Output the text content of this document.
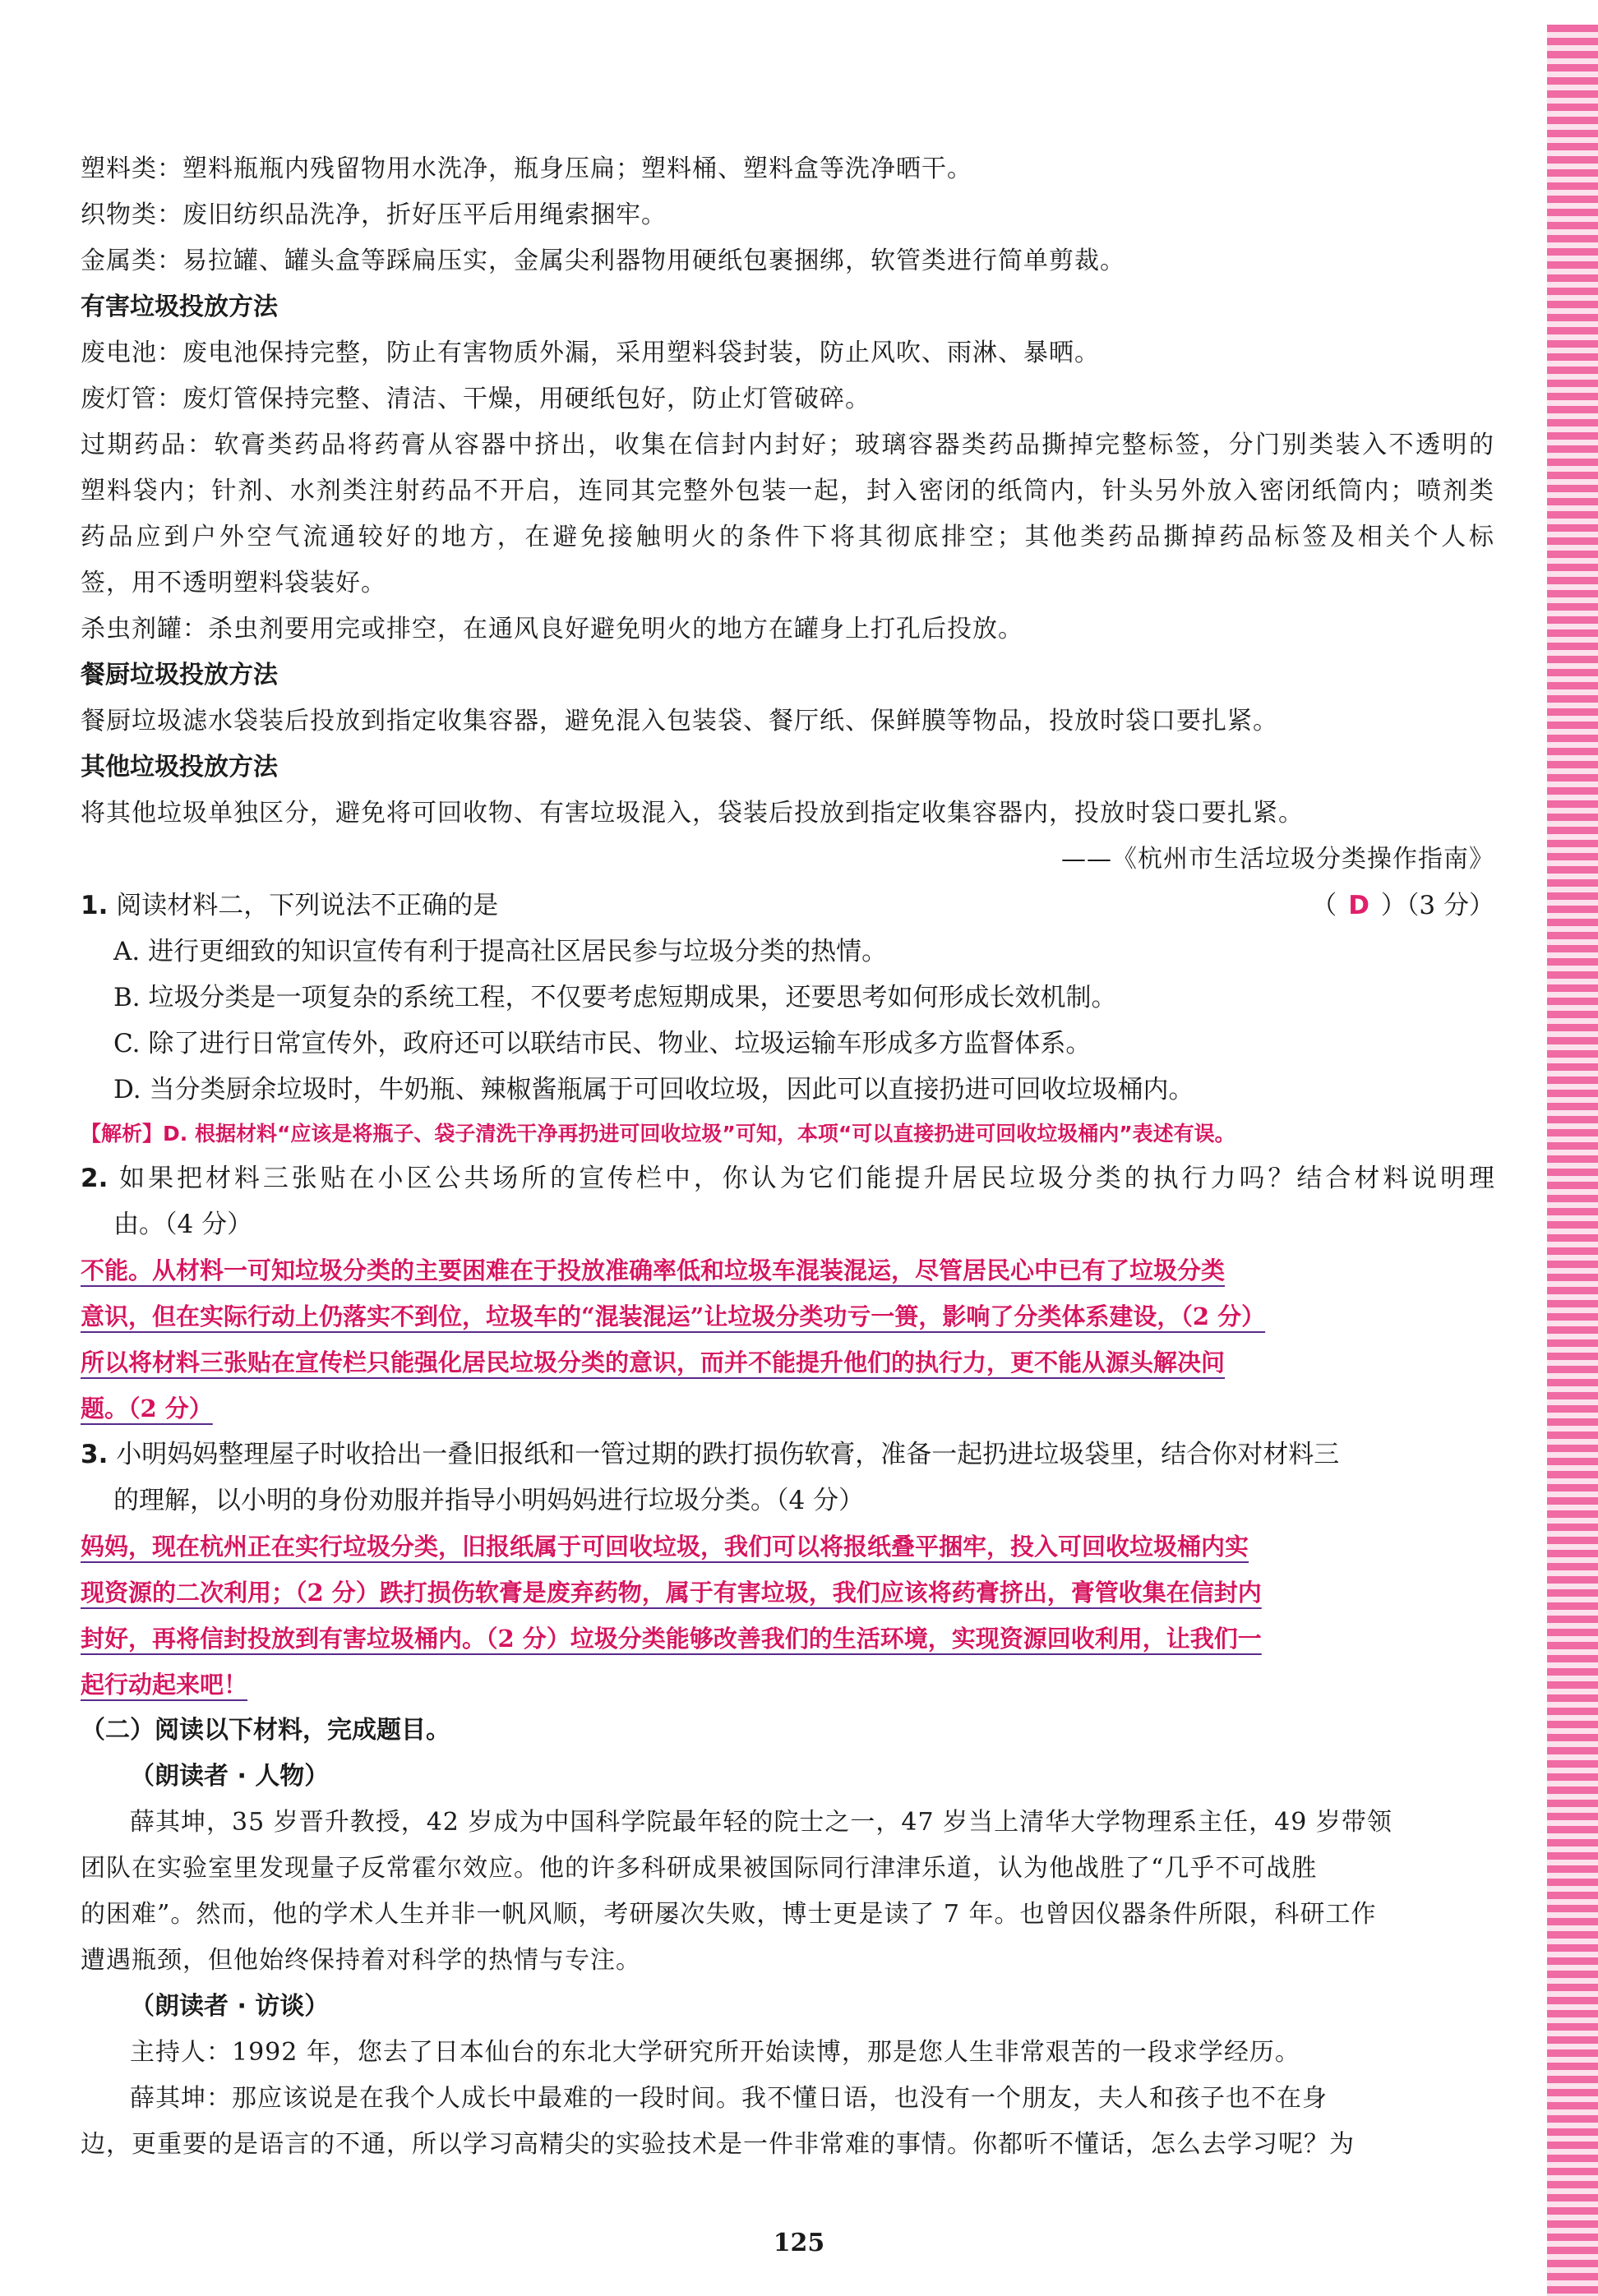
塑料类：塑料瓶瓶内残留物用水洗净，瓶身压扁；塑料桶、塑料盒等洗净晒干。
织物类：废旧纺织品洗净，折好压平后用绳索捆牢。
金属类：易拉罐、罐头盒等踩扁压实，金属尖利器物用硬纸包裹捆绑，软管类进行简单剪裁。
有害垃圾投放方法
废电池：废电池保持完整，防止有害物质外漏，采用塑料袋封装，防止风吹、雨淋、暴晒。
废灯管：废灯管保持完整、清洁、干燥，用硬纸包好，防止灯管破碎。
过期药品：软膏类药品将药膏从容器中挤出，收集在信封内封好；玻璃容器类药品撕掉完整标签，分门别类装入不透明的
塑料袋内；针剂、水剂类注射药品不开启，连同其完整外包装一起，封入密闭的纸筒内，针头另外放入密闭纸筒内；喷剂类
药品应到户外空气流通较好的地方，在避免接触明火的条件下将其彻底排空；其他类药品撕掉药品标签及相关个人标
签，用不透明塑料袋装好。
杀虫剂罐：杀虫剂要用完或排空，在通风良好避免明火的地方在罐身上打孔后投放。
餐厨垃圾投放方法
餐厨垃圾滤水袋装后投放到指定收集容器，避免混入包装袋、餐厅纸、保鲜膜等物品，投放时袋口要扎紧。
其他垃圾投放方法
将其他垃圾单独区分，避免将可回收物、有害垃圾混入，袋装后投放到指定收集容器内，投放时袋口要扎紧。
——《杭州市生活垃圾分类操作指南》
1. 阅读材料二，下列说法不正确的是	（ D ）（3 分）
A. 进行更细致的知识宣传有利于提高社区居民参与垃圾分类的热情。
B. 垃圾分类是一项复杂的系统工程，不仅要考虑短期成果，还要思考如何形成长效机制。
C. 除了进行日常宣传外，政府还可以联结市民、物业、垃圾运输车形成多方监督体系。
D. 当分类厨余垃圾时，牛奶瓶、辣椒酱瓶属于可回收垃圾，因此可以直接扔进可回收垃圾桶内。
【解析】D. 根据材料“应该是将瓶子、袋子清洗干净再扔进可回收垃圾”可知，本项“可以直接扔进可回收垃圾桶内”表述有误。
2. 如果把材料三张贴在小区公共场所的宣传栏中，你认为它们能提升居民垃圾分类的执行力吗？结合材料说明理
由。（4 分）
不能。从材料一可知垃圾分类的主要困难在于投放准确率低和垃圾车混装混运，尽管居民心中已有了垃圾分类
意识，但在实际行动上仍落实不到位，垃圾车的“混装混运”让垃圾分类功亏一篑，影响了分类体系建设，（2 分）
所以将材料三张贴在宣传栏只能强化居民垃圾分类的意识，而并不能提升他们的执行力，更不能从源头解决问
题。（2 分）
3. 小明妈妈整理屋子时收拾出一叠旧报纸和一管过期的跌打损伤软膏，准备一起扔进垃圾袋里，结合你对材料三
的理解，以小明的身份劝服并指导小明妈妈进行垃圾分类。（4 分）
妈妈，现在杭州正在实行垃圾分类，旧报纸属于可回收垃圾，我们可以将报纸叠平捆牢，投入可回收垃圾桶内实
现资源的二次利用；（2 分）跌打损伤软膏是废弃药物，属于有害垃圾，我们应该将药膏挤出，膏管收集在信封内
封好，再将信封投放到有害垃圾桶内。（2 分）垃圾分类能够改善我们的生活环境，实现资源回收利用，让我们一
起行动起来吧！
（二）阅读以下材料，完成题目。
（朗读者 · 人物）
薛其坤，35 岁晋升教授，42 岁成为中国科学院最年轻的院士之一，47 岁当上清华大学物理系主任，49 岁带领
团队在实验室里发现量子反常霍尔效应。他的许多科研成果被国际同行津津乐道，认为他战胜了“几乎不可战胜
的困难”。然而，他的学术人生并非一帆风顺，考研屡次失败，博士更是读了 7 年。也曾因仪器条件所限，科研工作
遭遇瓶颈，但他始终保持着对科学的热情与专注。
（朗读者 · 访谈）
主持人：1992 年，您去了日本仙台的东北大学研究所开始读博，那是您人生非常艰苦的一段求学经历。
薛其坤：那应该说是在我个人成长中最难的一段时间。我不懂日语，也没有一个朋友，夫人和孩子也不在身
边，更重要的是语言的不通，所以学习高精尖的实验技术是一件非常难的事情。你都听不懂话，怎么去学习呢？为
125
